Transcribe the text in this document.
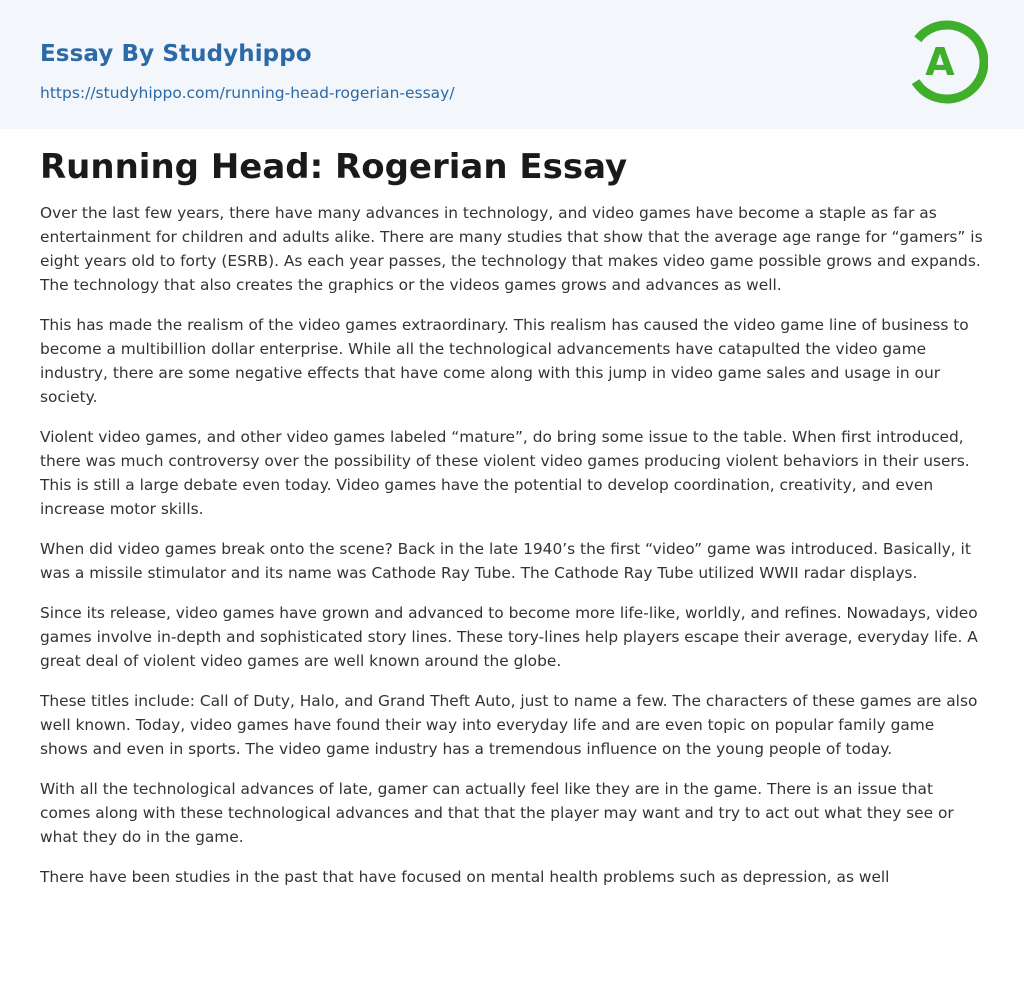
Essay By Studyhippo
https://studyhippo.com/running-head-rogerian-essay/
A
Running Head: Rogerian Essay

Over the last few years, there have many advances in technology, and video games have become a staple as far as entertainment for children and adults alike. There are many studies that show that the average age range for “gamers” is eight years old to forty (ESRB). As each year passes, the technology that makes video game possible grows and expands. The technology that also creates the graphics or the videos games grows and advances as well.

This has made the realism of the video games extraordinary. This realism has caused the video game line of business to become a multibillion dollar enterprise. While all the technological advancements have catapulted the video game industry, there are some negative effects that have come along with this jump in video game sales and usage in our society.

Violent video games, and other video games labeled “mature”, do bring some issue to the table. When first introduced, there was much controversy over the possibility of these violent video games producing violent behaviors in their users. This is still a large debate even today. Video games have the potential to develop coordination, creativity, and even increase motor skills.

When did video games break onto the scene? Back in the late 1940’s the first “video” game was introduced. Basically, it was a missile stimulator and its name was Cathode Ray Tube. The Cathode Ray Tube utilized WWII radar displays.

Since its release, video games have grown and advanced to become more life-like, worldly, and refines. Nowadays, video games involve in-depth and sophisticated story lines. These tory-lines help players escape their average, everyday life. A great deal of violent video games are well known around the globe.

These titles include: Call of Duty, Halo, and Grand Theft Auto, just to name a few. The characters of these games are also well known. Today, video games have found their way into everyday life and are even topic on popular family game shows and even in sports. The video game industry has a tremendous influence on the young people of today.

With all the technological advances of late, gamer can actually feel like they are in the game. There is an issue that comes along with these technological advances and that that the player may want and try to act out what they see or what they do in the game.

There have been studies in the past that have focused on mental health problems such as depression, as well
